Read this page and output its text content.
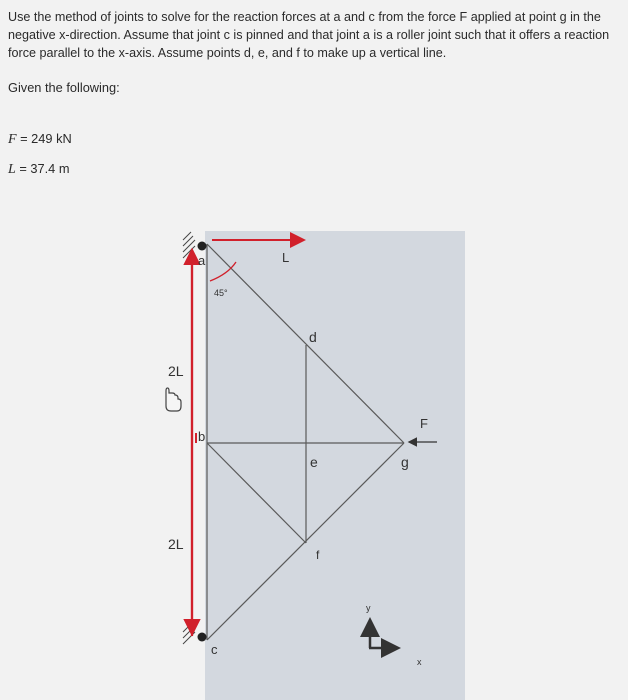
Use the method of joints to solve for the reaction forces at a and c from the force F applied at point g in the negative x-direction. Assume that joint c is pinned and that joint a is a roller joint such that it offers a reaction force parallel to the x-axis. Assume points d, e, and f to make up a vertical line.
Given the following:
F = 249 kN
L = 37.4 m
a
b
c
d
e
f
g
L
2L
2L
45°
F
y
x
